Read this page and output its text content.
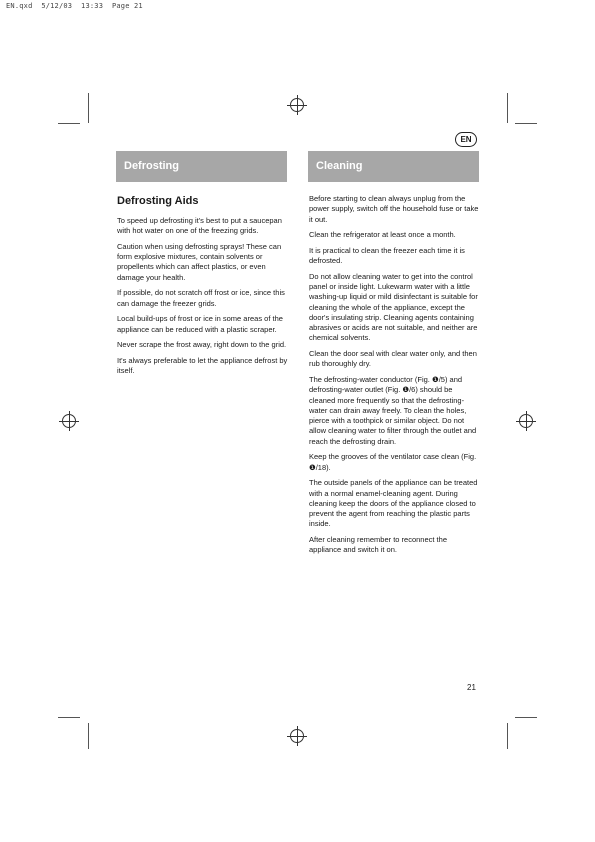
EN.qxd  5/12/03  13:33  Page 21
EN
Defrosting	Cleaning
Defrosting Aids

To speed up defrosting it's best to put a saucepan with hot water on one of the freezing grids.

Caution when using defrosting sprays! These can form explosive mixtures, contain solvents or propellents which can affect plastics, or even damage your health.

If possible, do not scratch off frost or ice, since this can damage the freezer grids.

Local build-ups of frost or ice in some areas of the appliance can be reduced with a plastic scraper.

Never scrape the frost away, right down to the grid.

It's always preferable to let the appliance defrost by itself.

Before starting to clean always unplug from the power supply, switch off the household fuse or take it out.

Clean the refrigerator at least once a month.

It is practical to clean the freezer each time it is defrosted.

Do not allow cleaning water to get into the control panel or inside light. Lukewarm water with a little washing-up liquid or mild disinfectant is suitable for cleaning the whole of the appliance, except the door's insulating strip. Cleaning agents containing abrasives or acids are not suitable, and neither are chemical solvents.

Clean the door seal with clear water only, and then rub thoroughly dry.

The defrosting-water conductor (Fig. ❶/5) and defrosting-water outlet (Fig. ❶/6) should be cleaned more frequently so that the defrosting-water can drain away freely. To clean the holes, pierce with a toothpick or similar object. Do not allow cleaning water to filter through the outlet and reach the defrosting drain.

Keep the grooves of the ventilator case clean (Fig. ❶/18).

The outside panels of the appliance can be treated with a normal enamel-cleaning agent. During cleaning keep the doors of the appliance closed to prevent the agent from reaching the plastic parts inside.

After cleaning remember to reconnect the appliance and switch it on.

21
